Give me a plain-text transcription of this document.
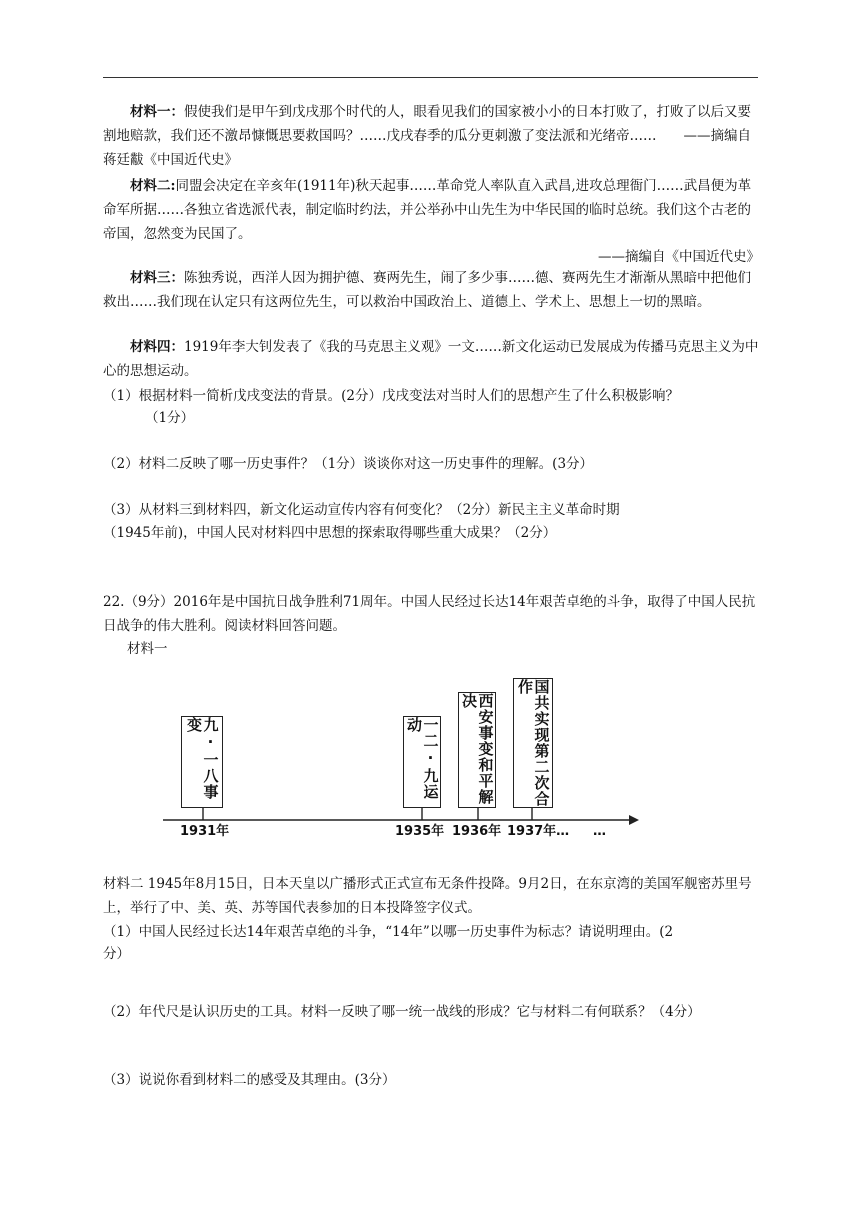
材料一：假使我们是甲午到戊戌那个时代的人，眼看见我们的国家被小小的日本打败了，打败了以后又要割地赔款，我们还不激昂慷慨思要救国吗？……戊戌春季的瓜分更刺激了变法派和光绪帝……　　——摘编自蒋廷黻《中国近代史》

材料二:同盟会决定在辛亥年(1911年)秋天起事……革命党人率队直入武昌,进攻总理衙门……武昌便为革命军所据……各独立省选派代表，制定临时约法，并公举孙中山先生为中华民国的临时总统。我们这个古老的帝国，忽然变为民国了。

——摘编自《中国近代史》

材料三：陈独秀说，西洋人因为拥护德、赛两先生，闹了多少事……德、赛两先生才渐渐从黑暗中把他们救出……我们现在认定只有这两位先生，可以救治中国政治上、道德上、学术上、思想上一切的黑暗。

材料四：1919年李大钊发表了《我的马克思主义观》一文……新文化运动已发展成为传播马克思主义为中心的思想运动。

（1）根据材料一简析戊戌变法的背景。(2分）戊戌变法对当时人们的思想产生了什么积极影响？

（1分）

（2）材料二反映了哪一历史事件？（1分）谈谈你对这一历史事件的理解。(3分）

（3）从材料三到材料四，新文化运动宣传内容有何变化？（2分）新民主主义革命时期

（1945年前)，中国人民对材料四中思想的探索取得哪些重大成果？（2分）

22.（9分）2016年是中国抗日战争胜利71周年。中国人民经过长达14年艰苦卓绝的斗争，取得了中国人民抗日战争的伟大胜利。阅读材料回答问题。

材料一

九·一八事变	一二·九运动	西安事变和平解决	国共实现第二次合作
1931年	1935年 1936年 1937年… …

材料二 1945年8月15日，日本天皇以广播形式正式宣布无条件投降。9月2日，在东京湾的美国军舰密苏里号上，举行了中、美、英、苏等国代表参加的日本投降签字仪式。

（1）中国人民经过长达14年艰苦卓绝的斗争，“14年”以哪一历史事件为标志？请说明理由。(2

分）

（2）年代尺是认识历史的工具。材料一反映了哪一统一战线的形成？它与材料二有何联系？（4分）

（3）说说你看到材料二的感受及其理由。(3分）
